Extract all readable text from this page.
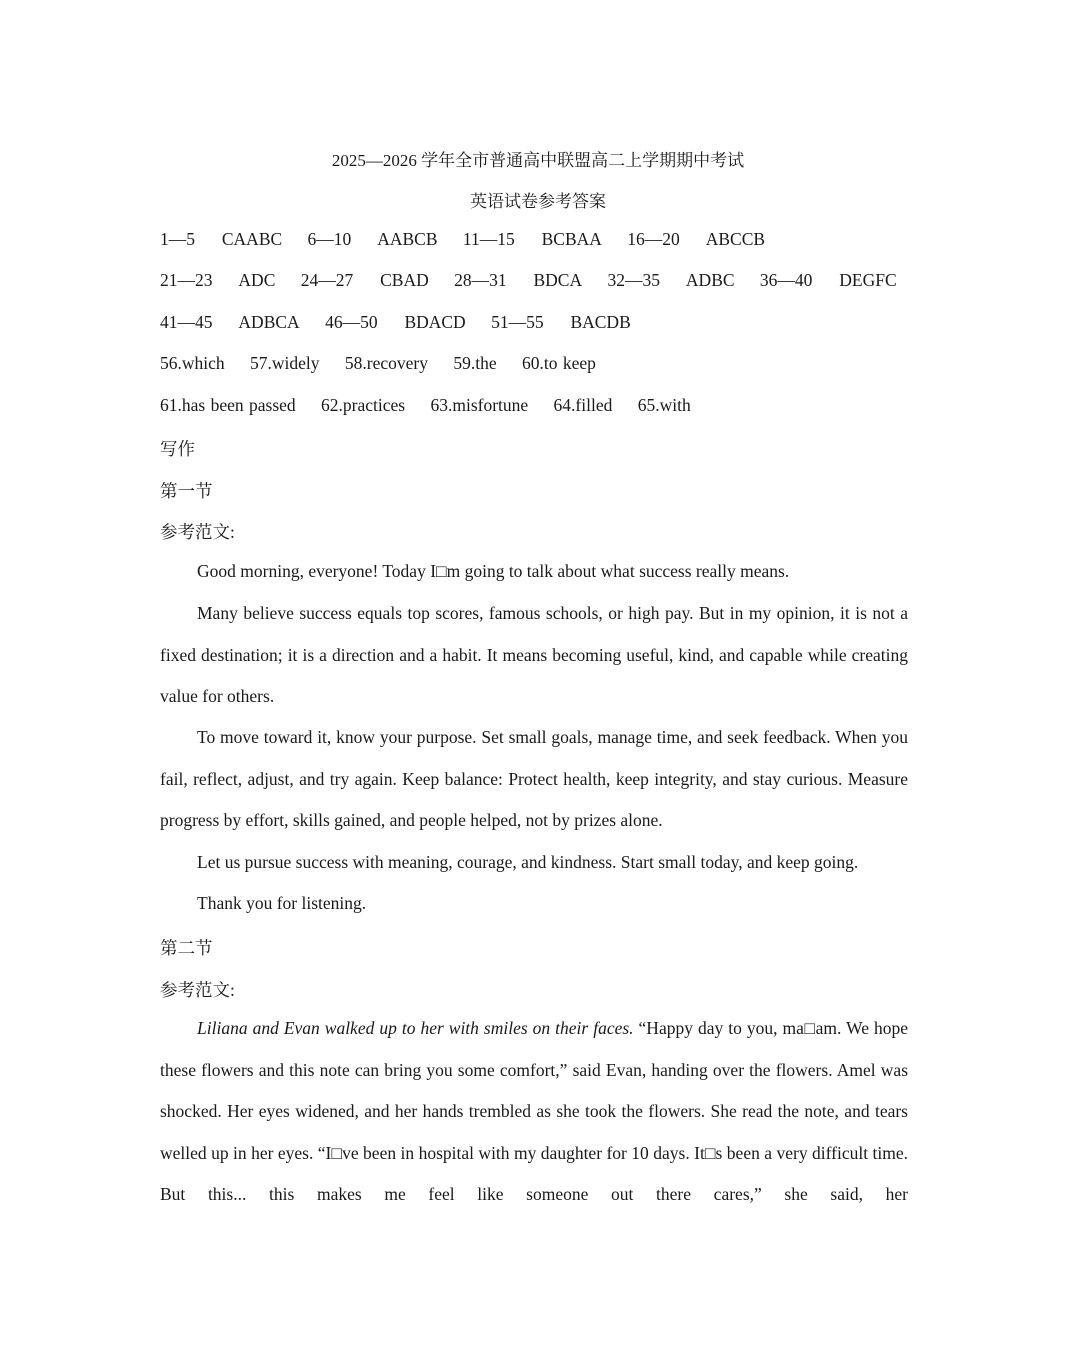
2025—2026 学年全市普通高中联盟高二上学期期中考试
英语试卷参考答案
1—5 CAABC 6—10 AABCB 11—15 BCBAA 16—20 ABCCB
21—23 ADC 24—27 CBAD 28—31 BDCA 32—35 ADBC 36—40 DEGFC
41—45 ADBCA 46—50 BDACD 51—55 BACDB
56.which 57.widely 58.recovery 59.the 60.to keep
61.has been passed 62.practices 63.misfortune 64.filled 65.with
写作
第一节
参考范文:

Good morning, everyone! Today I□m going to talk about what success really means.

Many believe success equals top scores, famous schools, or high pay. But in my opinion, it is not a fixed destination; it is a direction and a habit. It means becoming useful, kind, and capable while creating value for others.

To move toward it, know your purpose. Set small goals, manage time, and seek feedback. When you fail, reflect, adjust, and try again. Keep balance: Protect health, keep integrity, and stay curious. Measure progress by effort, skills gained, and people helped, not by prizes alone.

Let us pursue success with meaning, courage, and kindness. Start small today, and keep going.

Thank you for listening.

第二节
参考范文:

Liliana and Evan walked up to her with smiles on their faces. “Happy day to you, ma□am. We hope these flowers and this note can bring you some comfort,” said Evan, handing over the flowers. Amel was shocked. Her eyes widened, and her hands trembled as she took the flowers. She read the note, and tears welled up in her eyes. “I□ve been in hospital with my daughter for 10 days. It□s been a very difficult time. But this... this makes me feel like someone out there cares,” she said, her
